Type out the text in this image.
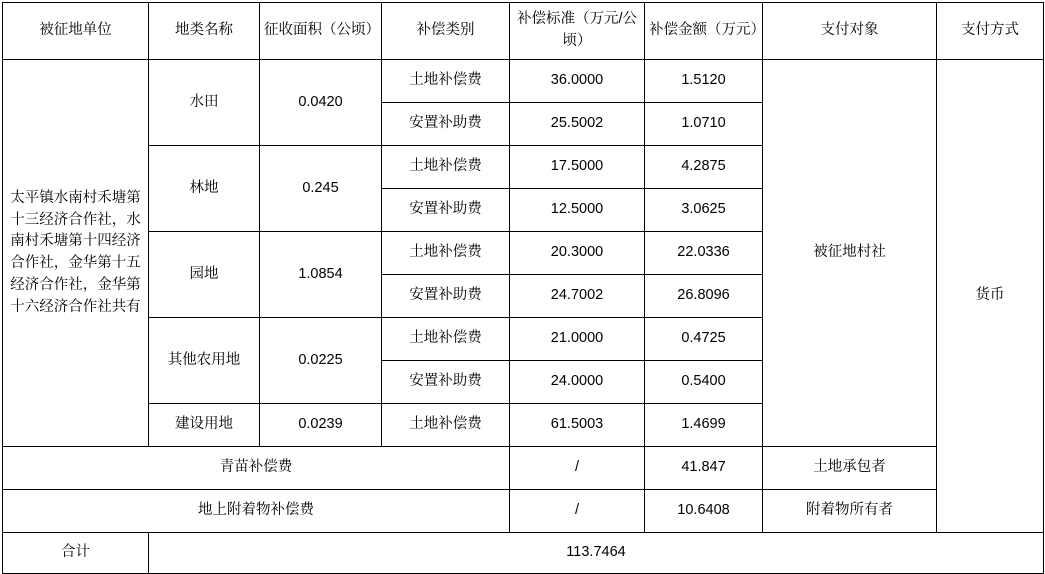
被征地单位	地类名称	征收面积（公顷）	补偿类别	补偿标准（万元/公顷）	补偿金额（万元）	支付对象	支付方式	
太平镇水南村禾塘第十三经济合作社，水南村禾塘第十四经济合作社，金华第十五经济合作社，金华第十六经济合作社共有	水田	0.0420	土地补偿费	36.0000	1.5120	被征地村社	货币	
			安置补助费	25.5002	1.0710			
	林地	0.245	土地补偿费	17.5000	4.2875			
			安置补助费	12.5000	3.0625			
	园地	1.0854	土地补偿费	20.3000	22.0336			
			安置补助费	24.7002	26.8096			
	其他农用地	0.0225	土地补偿费	21.0000	0.4725			
			安置补助费	24.0000	0.5400			
	建设用地	0.0239	土地补偿费	61.5003	1.4699			
青苗补偿费				/	41.847	土地承包者		
地上附着物补偿费				/	10.6408	附着物所有者		
合计	113.7464							
